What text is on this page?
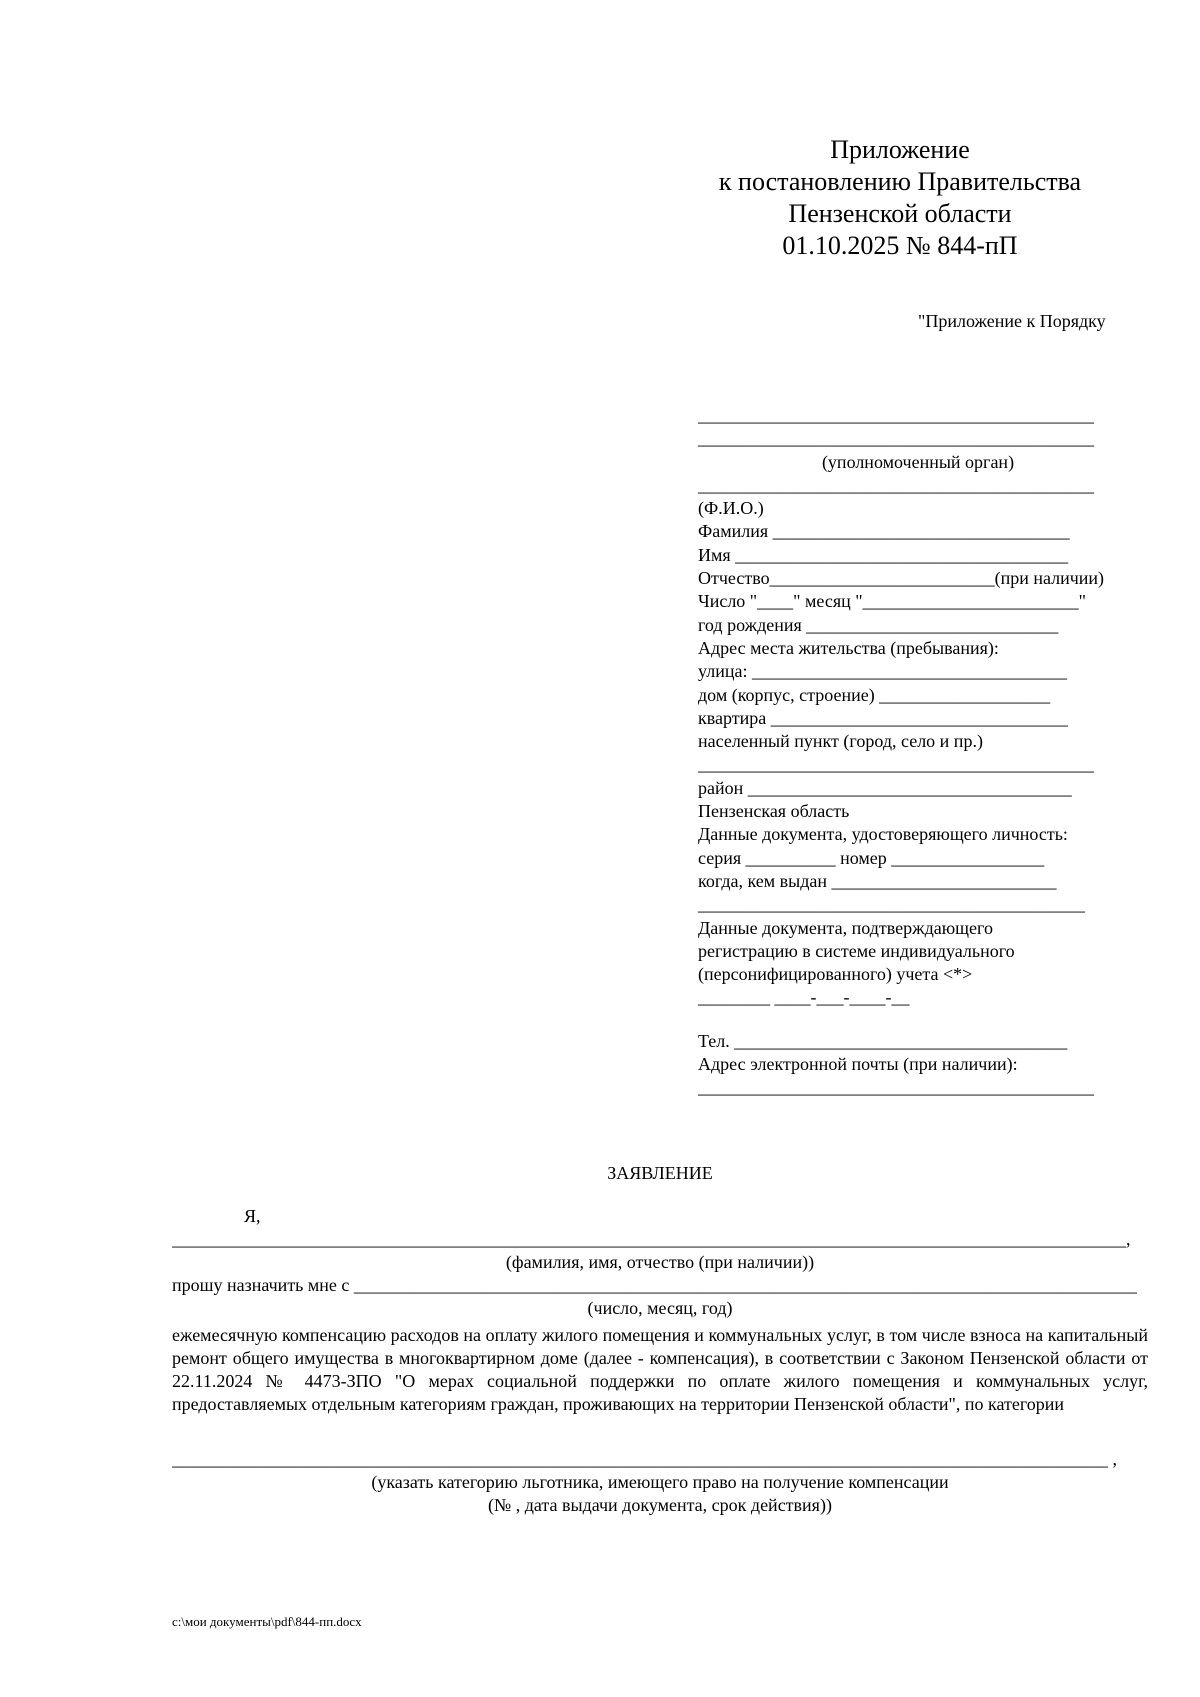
Приложение
к постановлению Правительства
Пензенской области
01.10.2025 № 844-пП
"Приложение к Порядку
____________________________________________
____________________________________________
(уполномоченный орган)
____________________________________________
(Ф.И.О.)
Фамилия _________________________________
Имя _____________________________________
Отчество_________________________(при наличии)
Число "____" месяц "________________________"
год рождения ____________________________
Адрес места жительства (пребывания):
улица: ___________________________________
дом (корпус, строение) ___________________
квартира _________________________________
населенный пункт (город, село и пр.)
____________________________________________
район ____________________________________
Пензенская область
Данные документа, удостоверяющего личность:
серия __________ номер _________________
когда, кем выдан _________________________
___________________________________________
Данные документа, подтверждающего
регистрацию в системе индивидуального
(персонифицированного) учета <*>
________ ____-___-____-__
Тел. _____________________________________
Адрес электронной почты (при наличии):
____________________________________________
ЗАЯВЛЕНИЕ
Я,
__________________________________________________________________________________________________________,
(фамилия, имя, отчество (при наличии))
прошу назначить мне с _______________________________________________________________________________________
(число, месяц, год)
ежемесячную компенсацию расходов на оплату жилого помещения и коммунальных услуг, в том числе взноса на капитальный ремонт общего имущества в многоквартирном доме (далее - компенсация), в соответствии с Законом Пензенской области от 22.11.2024 № 4473-ЗПО "О мерах социальной поддержки по оплате жилого помещения и коммунальных услуг, предоставляемых отдельным категориям граждан, проживающих на территории Пензенской области", по категории
________________________________________________________________________________________________________ ,
(указать категорию льготника, имеющего право на получение компенсации
(№ , дата выдачи документа, срок действия))
c:\мои документы\pdf\844-пп.docx
